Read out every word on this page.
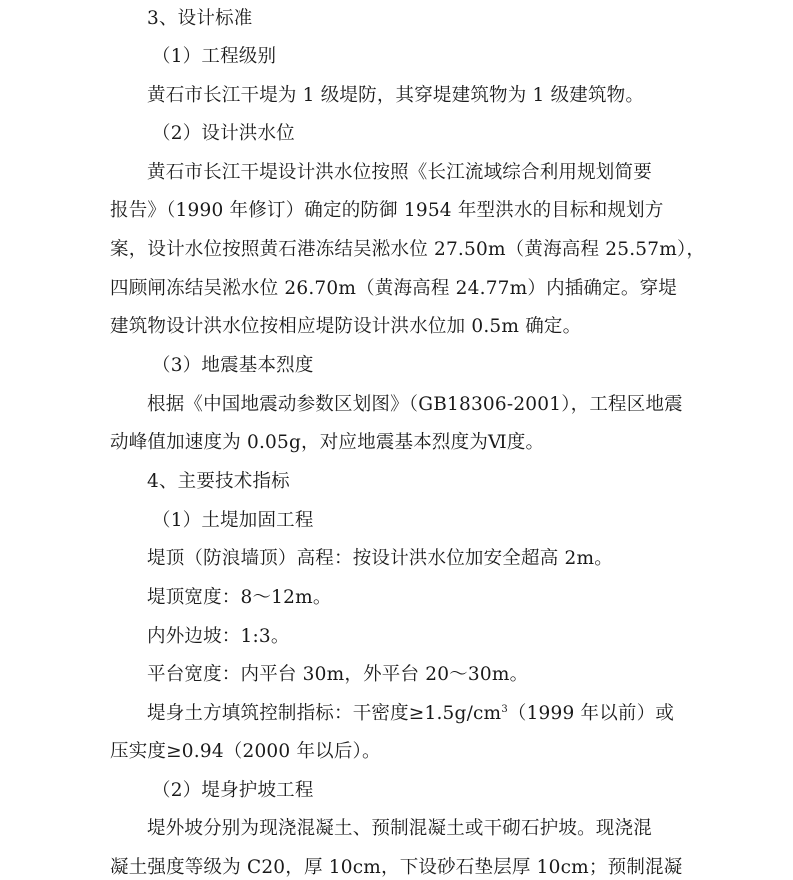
3、设计标准
（1）工程级别
黄石市长江干堤为 1 级堤防，其穿堤建筑物为 1 级建筑物。
（2）设计洪水位
黄石市长江干堤设计洪水位按照《长江流域综合利用规划简要
报告》（1990 年修订）确定的防御 1954 年型洪水的目标和规划方
案，设计水位按照黄石港冻结吴淞水位 27.50m（黄海高程 25.57m），
四顾闸冻结吴淞水位 26.70m（黄海高程 24.77m）内插确定。穿堤
建筑物设计洪水位按相应堤防设计洪水位加 0.5m 确定。
（3）地震基本烈度
根据《中国地震动参数区划图》（GB18306-2001），工程区地震
动峰值加速度为 0.05g，对应地震基本烈度为Ⅵ度。
4、主要技术指标
（1）土堤加固工程
堤顶（防浪墙顶）高程：按设计洪水位加安全超高 2m。
堤顶宽度：8～12m。
内外边坡：1:3。
平台宽度：内平台 30m，外平台 20～30m。
堤身土方填筑控制指标：干密度$\ge 1.5g/cm^3(1999$ 年以前）或
压实度≥0.94（2000 年以后）。
（2）堤身护坡工程
堤外坡分别为现浇混凝土、预制混凝土或干砌石护坡。现浇混
凝土强度等级为 C20，厚 10cm，下设砂石垫层厚 10cm；预制混凝
